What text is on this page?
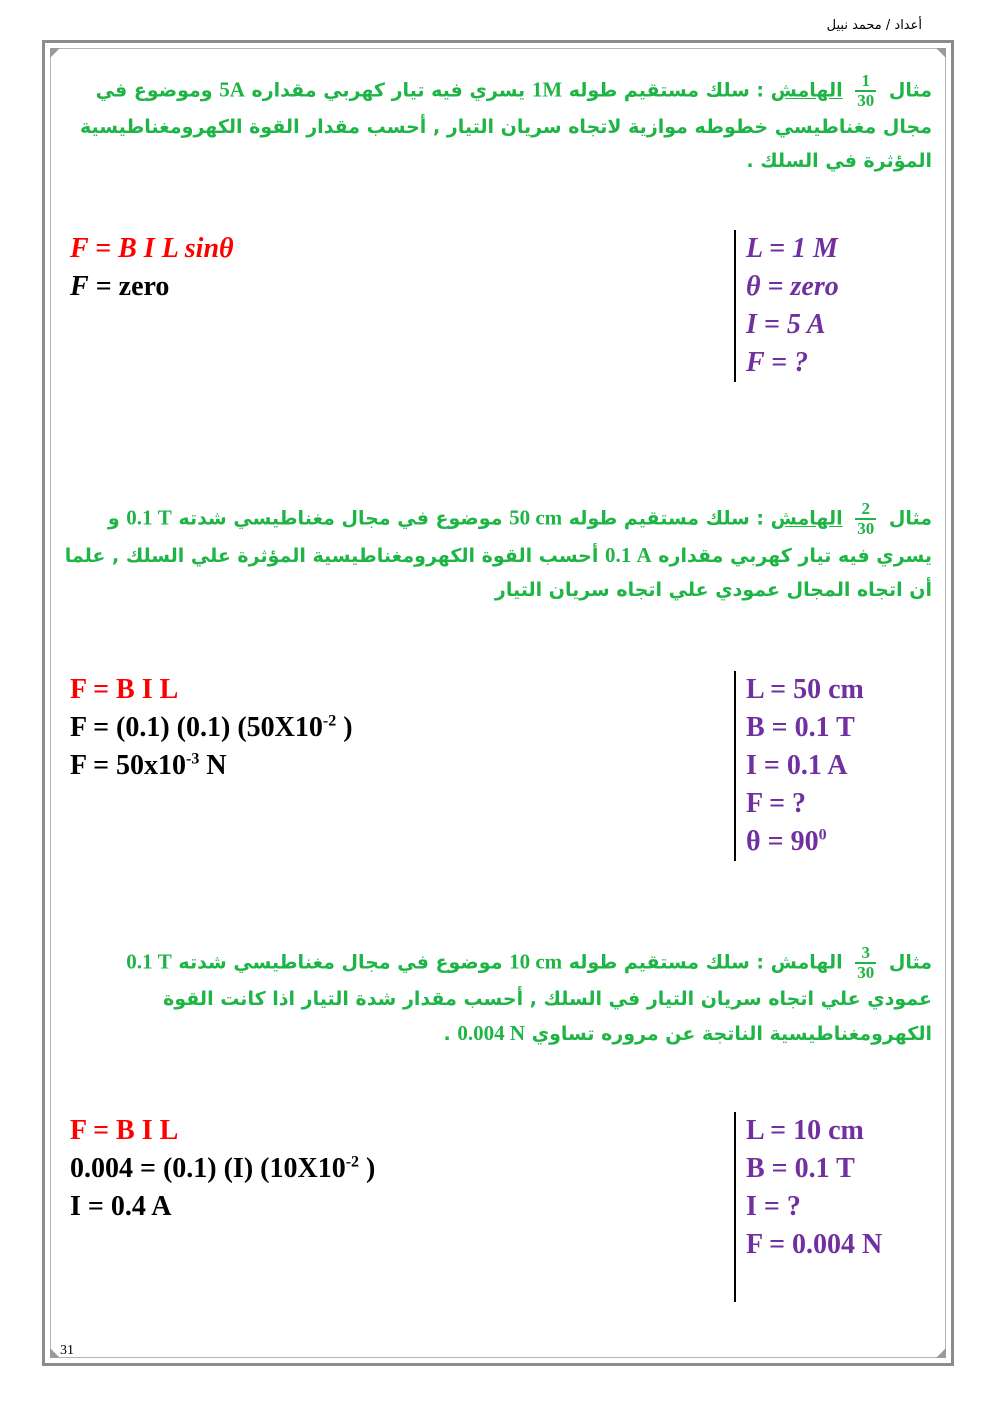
أعداد / محمد نبيل
مثال
$\frac{1}{30}$
الهامش : سلك مستقيم طوله 1M يسري فيه تيار كهربي مقداره 5A وموضوع في مجال مغناطيسي خطوطه موازية لاتجاه سريان التيار , أحسب مقدار القوة الكهرومغناطيسية المؤثرة في السلك .
F = B I L sinθ
F = zero
L = 1 M
θ = zero
I = 5 A
F = ?
مثال
$\frac{2}{30}$
الهامش : سلك مستقيم طوله 50 cm موضوع في مجال مغناطيسي شدته 0.1 T و يسري فيه تيار كهربي مقداره 0.1 A أحسب القوة الكهرومغناطيسية المؤثرة علي السلك , علما أن اتجاه المجال عمودي علي اتجاه سريان التيار
F = B I L
F = (0.1) (0.1) ($50X10^{-2}$ )
$F = 50x10^{-3}$ N
L = 50 cm
B = 0.1 T
I = 0.1 A
F = ?
$\theta = 90^0$
مثال
$\frac{3}{30}$
الهامش : سلك مستقيم طوله 10 cm موضوع في مجال مغناطيسي شدته 0.1 T عمودي علي اتجاه سريان التيار في السلك , أحسب مقدار شدة التيار اذا كانت القوة الكهرومغناطيسية الناتجة عن مروره تساوي 0.004 N .
F = B I L
0.004 = (0.1) (I) ($10X10^{-2}$ )
I = 0.4 A
L = 10 cm
B = 0.1 T
I = ?
F = 0.004 N
31
